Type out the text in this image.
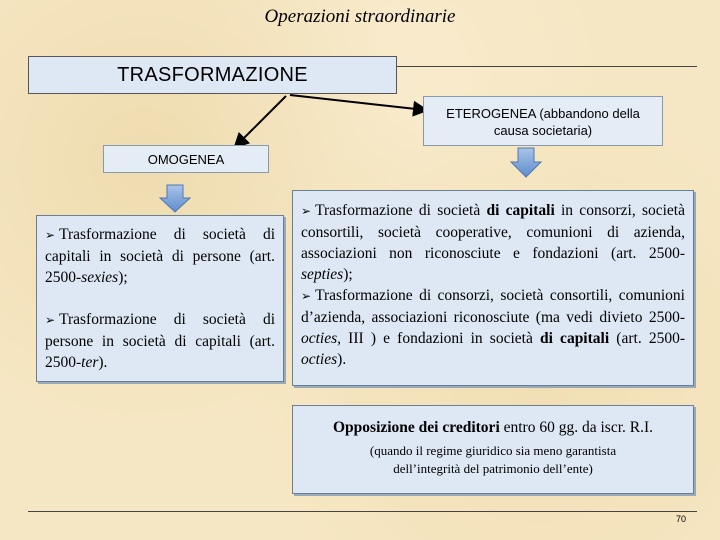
Operazioni straordinarie
TRASFORMAZIONE
ETEROGENEA (abbandono della
causa societaria)
OMOGENEA

➢ Trasformazione di società di capitali in società di persone (art. 2500-sexies);

➢ Trasformazione di società di persone in società di capitali (art. 2500-ter).

➢ Trasformazione di società di capitali in consorzi, società consortili, società cooperative, comunioni di azienda, associazioni non riconosciute e fondazioni (art. 2500-septies);

➢ Trasformazione di consorzi, società consortili, comunioni d’azienda, associazioni riconosciute (ma vedi divieto 2500-octies, III ) e fondazioni in società di capitali (art. 2500-octies).

Opposizione dei creditori entro 60 gg. da iscr. R.I.
(quando il regime giuridico sia meno garantista
dell’integrità del patrimonio dell’ente)
70
